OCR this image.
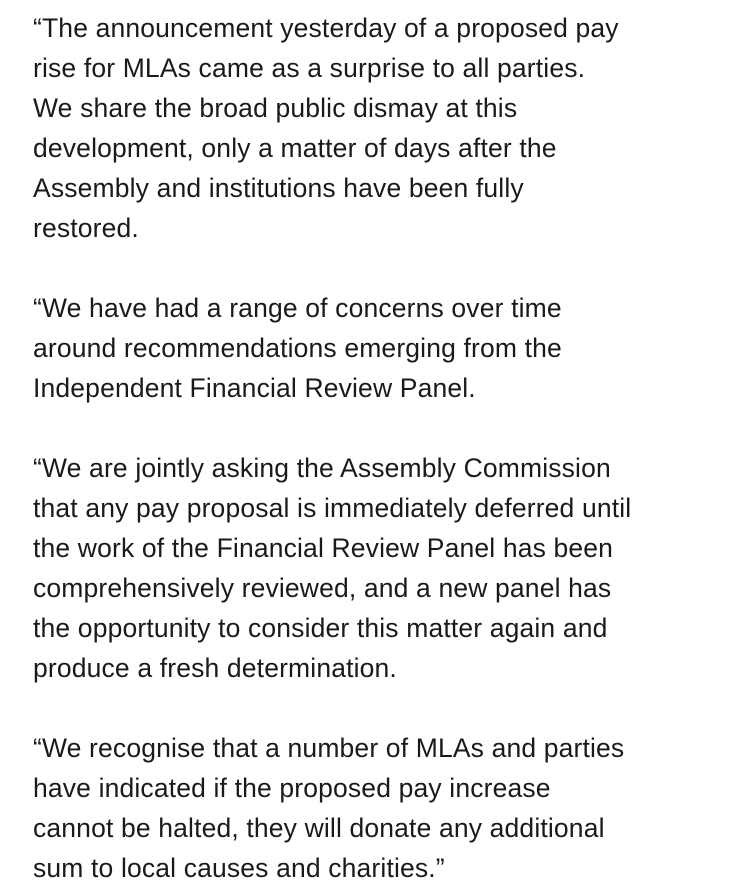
“The announcement yesterday of a proposed pay
rise for MLAs came as a surprise to all parties.
We share the broad public dismay at this
development, only a matter of days after the
Assembly and institutions have been fully
restored.

“We have had a range of concerns over time
around recommendations emerging from the
Independent Financial Review Panel.

“We are jointly asking the Assembly Commission
that any pay proposal is immediately deferred until
the work of the Financial Review Panel has been
comprehensively reviewed, and a new panel has
the opportunity to consider this matter again and
produce a fresh determination.

“We recognise that a number of MLAs and parties
have indicated if the proposed pay increase
cannot be halted, they will donate any additional
sum to local causes and charities.”
